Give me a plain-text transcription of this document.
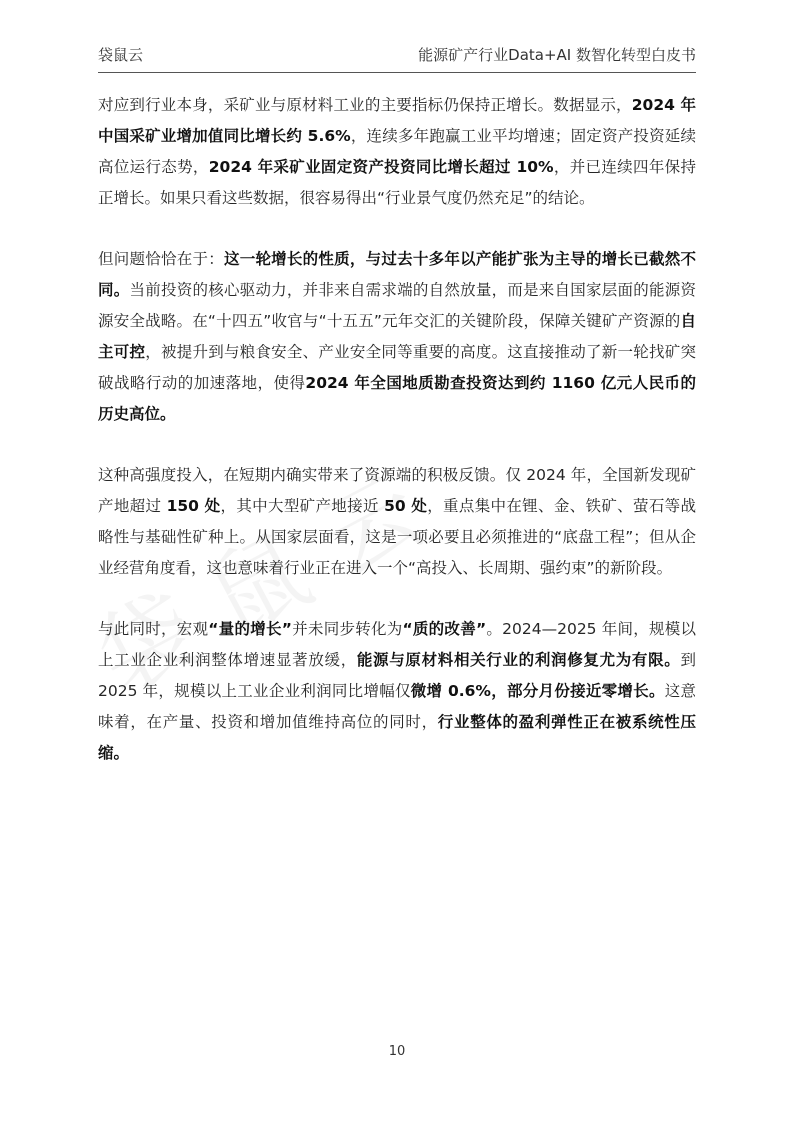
袋鼠云	能源矿产行业Data+AI 数智化转型白皮书

对应到行业本身，采矿业与原材料工业的主要指标仍保持正增长。数据显示，2024 年中国采矿业增加值同比增长约 5.6%，连续多年跑赢工业平均增速；固定资产投资延续高位运行态势，2024 年采矿业固定资产投资同比增长超过 10%，并已连续四年保持正增长。如果只看这些数据，很容易得出“行业景气度仍然充足”的结论。

但问题恰恰在于：这一轮增长的性质，与过去十多年以产能扩张为主导的增长已截然不同。当前投资的核心驱动力，并非来自需求端的自然放量，而是来自国家层面的能源资源安全战略。在“十四五”收官与“十五五”元年交汇的关键阶段，保障关键矿产资源的自主可控，被提升到与粮食安全、产业安全同等重要的高度。这直接推动了新一轮找矿突破战略行动的加速落地，使得2024 年全国地质勘查投资达到约 1160 亿元人民币的历史高位。

这种高强度投入，在短期内确实带来了资源端的积极反馈。仅 2024 年，全国新发现矿产地超过 150 处，其中大型矿产地接近 50 处，重点集中在锂、金、铁矿、萤石等战略性与基础性矿种上。从国家层面看，这是一项必要且必须推进的“底盘工程”；但从企业经营角度看，这也意味着行业正在进入一个“高投入、长周期、强约束”的新阶段。

与此同时，宏观“量的增长”并未同步转化为“质的改善”。2024—2025 年间，规模以上工业企业利润整体增速显著放缓，能源与原材料相关行业的利润修复尤为有限。到 2025 年，规模以上工业企业利润同比增幅仅微增 0.6%，部分月份接近零增长。这意味着，在产量、投资和增加值维持高位的同时，行业整体的盈利弹性正在被系统性压缩。

10
